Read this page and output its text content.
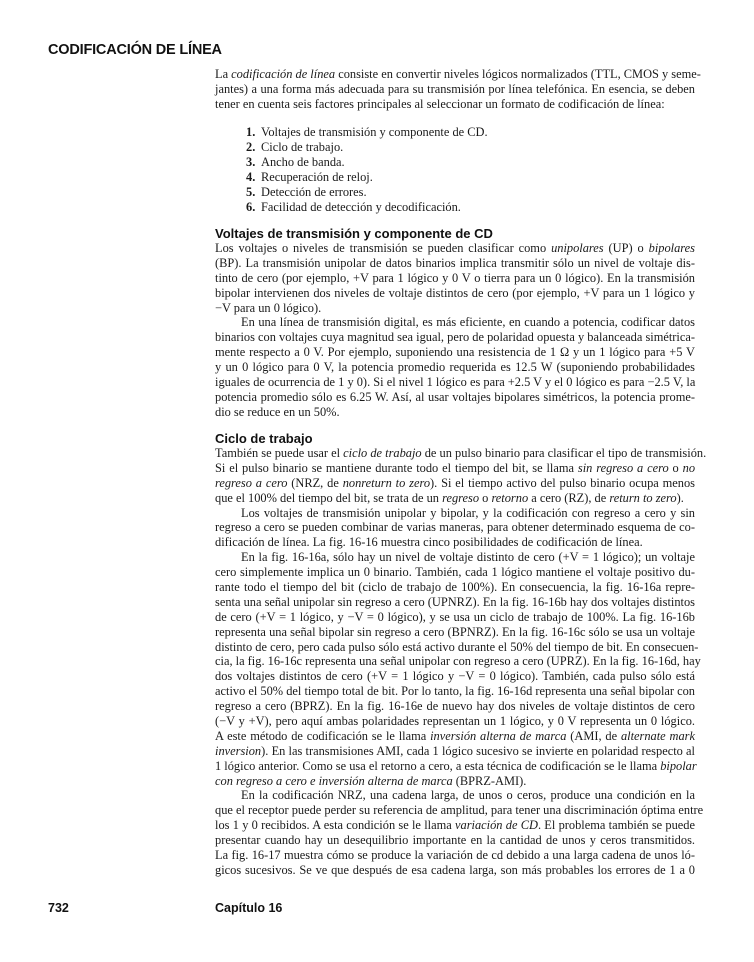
CODIFICACIÓN DE LÍNEA
La codificación de línea consiste en convertir niveles lógicos normalizados (TTL, CMOS y seme-
jantes) a una forma más adecuada para su transmisión por línea telefónica. En esencia, se deben
tener en cuenta seis factores principales al seleccionar un formato de codificación de línea:
1. Voltajes de transmisión y componente de CD.
2. Ciclo de trabajo.
3. Ancho de banda.
4. Recuperación de reloj.
5. Detección de errores.
6. Facilidad de detección y decodificación.
Voltajes de transmisión y componente de CD
Los voltajes o niveles de transmisión se pueden clasificar como unipolares (UP) o bipolares
(BP). La transmisión unipolar de datos binarios implica transmitir sólo un nivel de voltaje dis-
tinto de cero (por ejemplo, +V para 1 lógico y 0 V o tierra para un 0 lógico). En la transmisión
bipolar intervienen dos niveles de voltaje distintos de cero (por ejemplo, +V para un 1 lógico y
−V para un 0 lógico).
En una línea de transmisión digital, es más eficiente, en cuando a potencia, codificar datos
binarios con voltajes cuya magnitud sea igual, pero de polaridad opuesta y balanceada simétrica-
mente respecto a 0 V. Por ejemplo, suponiendo una resistencia de 1 Ω y un 1 lógico para +5 V
y un 0 lógico para 0 V, la potencia promedio requerida es 12.5 W (suponiendo probabilidades
iguales de ocurrencia de 1 y 0). Si el nivel 1 lógico es para +2.5 V y el 0 lógico es para −2.5 V, la
potencia promedio sólo es 6.25 W. Así, al usar voltajes bipolares simétricos, la potencia prome-
dio se reduce en un 50%.
Ciclo de trabajo
También se puede usar el ciclo de trabajo de un pulso binario para clasificar el tipo de transmisión.
Si el pulso binario se mantiene durante todo el tiempo del bit, se llama sin regreso a cero o no
regreso a cero (NRZ, de nonreturn to zero). Si el tiempo activo del pulso binario ocupa menos
que el 100% del tiempo del bit, se trata de un regreso o retorno a cero (RZ), de return to zero).
Los voltajes de transmisión unipolar y bipolar, y la codificación con regreso a cero y sin
regreso a cero se pueden combinar de varias maneras, para obtener determinado esquema de co-
dificación de línea. La fig. 16-16 muestra cinco posibilidades de codificación de línea.
En la fig. 16-16a, sólo hay un nivel de voltaje distinto de cero (+V = 1 lógico); un voltaje
cero simplemente implica un 0 binario. También, cada 1 lógico mantiene el voltaje positivo du-
rante todo el tiempo del bit (ciclo de trabajo de 100%). En consecuencia, la fig. 16-16a repre-
senta una señal unipolar sin regreso a cero (UPNRZ). En la fig. 16-16b hay dos voltajes distintos
de cero (+V = 1 lógico, y −V = 0 lógico), y se usa un ciclo de trabajo de 100%. La fig. 16-16b
representa una señal bipolar sin regreso a cero (BPNRZ). En la fig. 16-16c sólo se usa un voltaje
distinto de cero, pero cada pulso sólo está activo durante el 50% del tiempo de bit. En consecuen-
cia, la fig. 16-16c representa una señal unipolar con regreso a cero (UPRZ). En la fig. 16-16d, hay
dos voltajes distintos de cero (+V = 1 lógico y −V = 0 lógico). También, cada pulso sólo está
activo el 50% del tiempo total de bit. Por lo tanto, la fig. 16-16d representa una señal bipolar con
regreso a cero (BPRZ). En la fig. 16-16e de nuevo hay dos niveles de voltaje distintos de cero
(−V y +V), pero aquí ambas polaridades representan un 1 lógico, y 0 V representa un 0 lógico.
A este método de codificación se le llama inversión alterna de marca (AMI, de alternate mark
inversion). En las transmisiones AMI, cada 1 lógico sucesivo se invierte en polaridad respecto al
1 lógico anterior. Como se usa el retorno a cero, a esta técnica de codificación se le llama bipolar
con regreso a cero e inversión alterna de marca (BPRZ-AMI).
En la codificación NRZ, una cadena larga, de unos o ceros, produce una condición en la
que el receptor puede perder su referencia de amplitud, para tener una discriminación óptima entre
los 1 y 0 recibidos. A esta condición se le llama variación de CD. El problema también se puede
presentar cuando hay un desequilibrio importante en la cantidad de unos y ceros transmitidos.
La fig. 16-17 muestra cómo se produce la variación de cd debido a una larga cadena de unos ló-
gicos sucesivos. Se ve que después de esa cadena larga, son más probables los errores de 1 a 0
732	Capítulo 16
